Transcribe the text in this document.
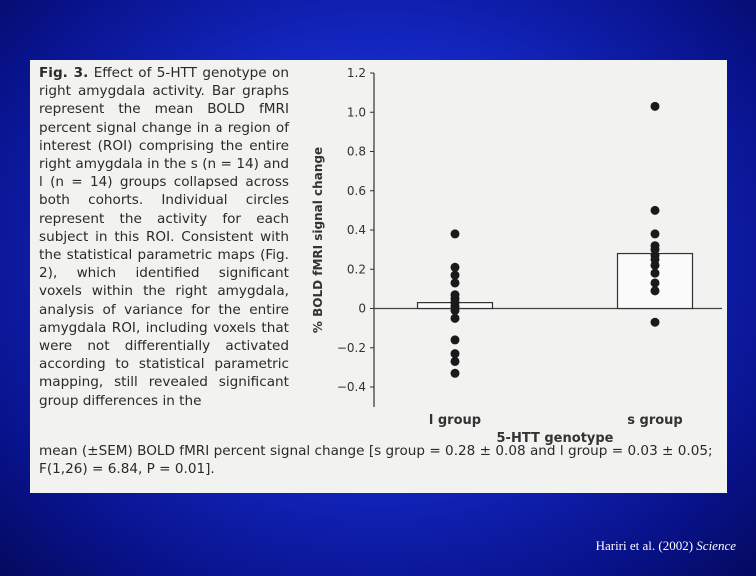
Fig. 3. Effect of 5-HTT genotype on right amygdala activity. Bar graphs represent the mean BOLD fMRI percent signal change in a region of interest (ROI) comprising the entire right amygdala in the s (n = 14) and l (n = 14) groups collapsed across both cohorts. Individual circles represent the activity for each subject in this ROI. Consistent with the statistical parametric maps (Fig. 2), which identified significant voxels within the right amygdala, analysis of variance for the entire amygdala ROI, including voxels that were not differentially activated according to statistical parametric mapping, still revealed significant group differences in the
mean (±SEM) BOLD fMRI percent signal change [s group = 0.28 ± 0.08 and l group = 0.03 ± 0.05;
F(1,26) = 6.84, P = 0.01].
−0.4
−0.2
0
0.2
0.4
0.6
0.8
1.0
1.2
l group	s group
5-HTT genotype
% BOLD fMRI signal change
Hariri et al. (2002) Science
